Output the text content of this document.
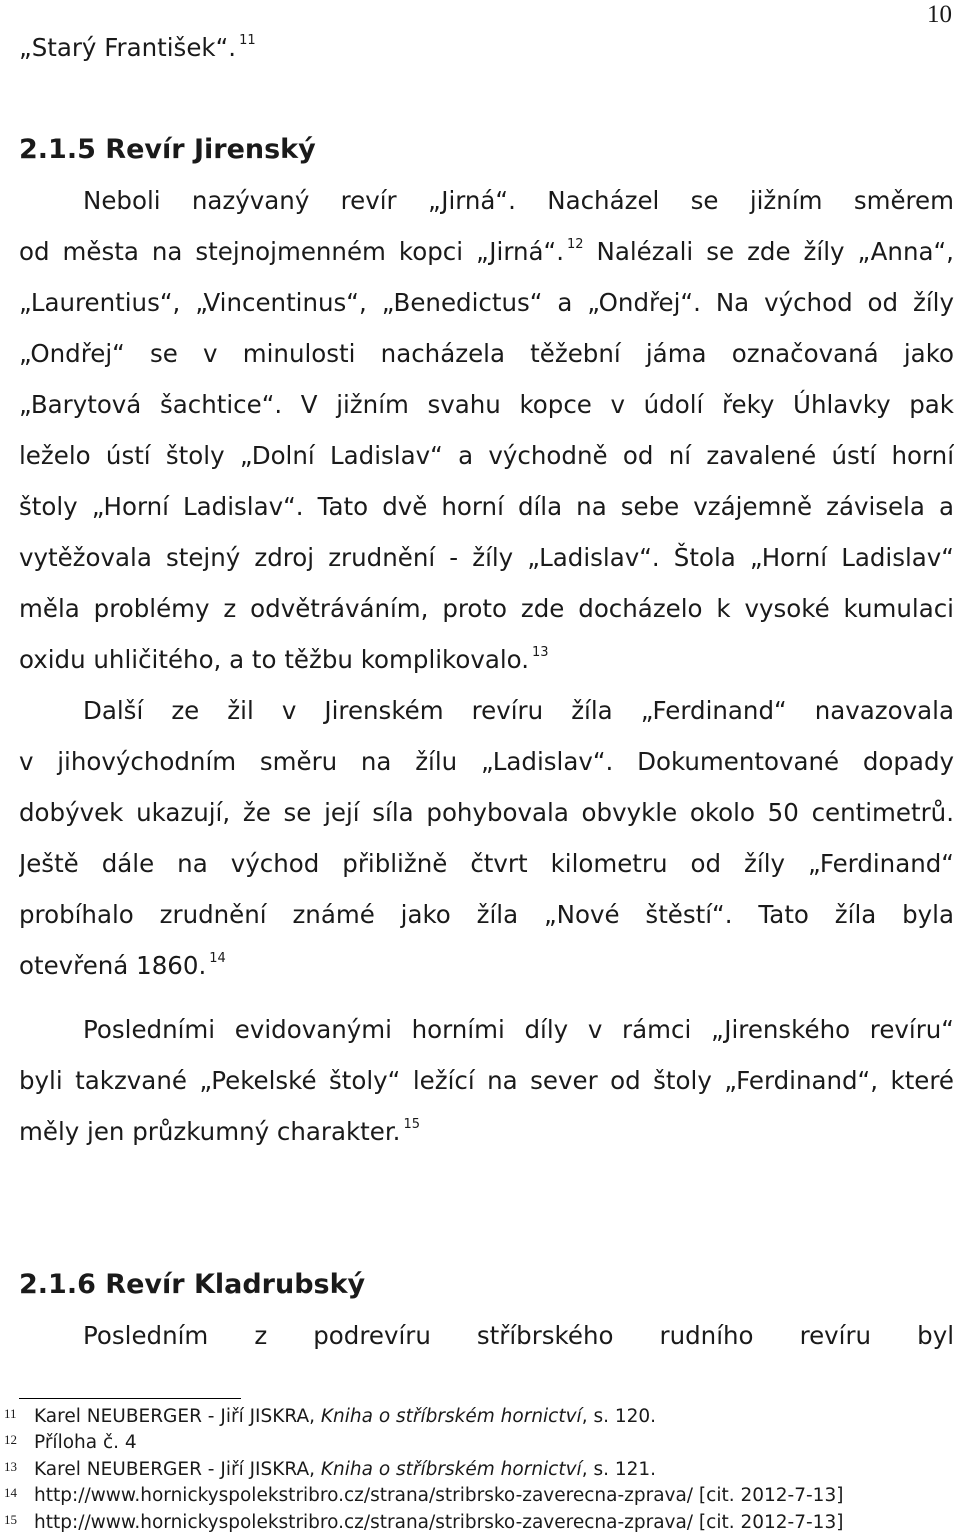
10
„Starý František“. $^{11}$
2.1.5 Revír Jirenský
Neboli nazývaný revír „Jirná“. Nacházel se jižním směrem
od města na stejnojmenném kopci „Jirná“. $^{12}$ Nalézali se zde žíly „Anna“,
„Laurentius“, „Vincentinus“, „Benedictus“ a „Ondřej“. Na východ od žíly
„Ondřej“ se v minulosti nacházela těžební jáma označovaná jako
„Barytová šachtice“. V jižním svahu kopce v údolí řeky Úhlavky pak
leželo ústí štoly „Dolní Ladislav“ a východně od ní zavalené ústí horní
štoly „Horní Ladislav“. Tato dvě horní díla na sebe vzájemně závisela a
vytěžovala stejný zdroj zrudnění - žíly „Ladislav“. Štola „Horní Ladislav“
měla problémy z odvětráváním, proto zde docházelo k vysoké kumulaci
oxidu uhličitého, a to těžbu komplikovalo. $^{13}$
Další ze žil v Jirenském revíru žíla „Ferdinand“ navazovala
v jihovýchodním směru na žílu „Ladislav“. Dokumentované dopady
dobývek ukazují, že se její síla pohybovala obvykle okolo 50 centimetrů.
Ještě dále na východ přibližně čtvrt kilometru od žíly „Ferdinand“
probíhalo zrudnění známé jako žíla „Nové štěstí“. Tato žíla byla
otevřená 1860. $^{14}$
Posledními evidovanými horními díly v rámci „Jirenského revíru“
byli takzvané „Pekelské štoly“ ležící na sever od štoly „Ferdinand“, které
měly jen průzkumný charakter. $^{15}$
2.1.6 Revír Kladrubský
Posledním z podrevíru stříbrského rudního revíru byl
11 Karel NEUBERGER - Jiří JISKRA, Kniha o stříbrském hornictví, s. 120.
12 Příloha č. 4
13 Karel NEUBERGER - Jiří JISKRA, Kniha o stříbrském hornictví, s. 121.
14 http://www.hornickyspolekstribro.cz/strana/stribrsko-zaverecna-zprava/ [cit. 2012-7-13]
15 http://www.hornickyspolekstribro.cz/strana/stribrsko-zaverecna-zprava/ [cit. 2012-7-13]
